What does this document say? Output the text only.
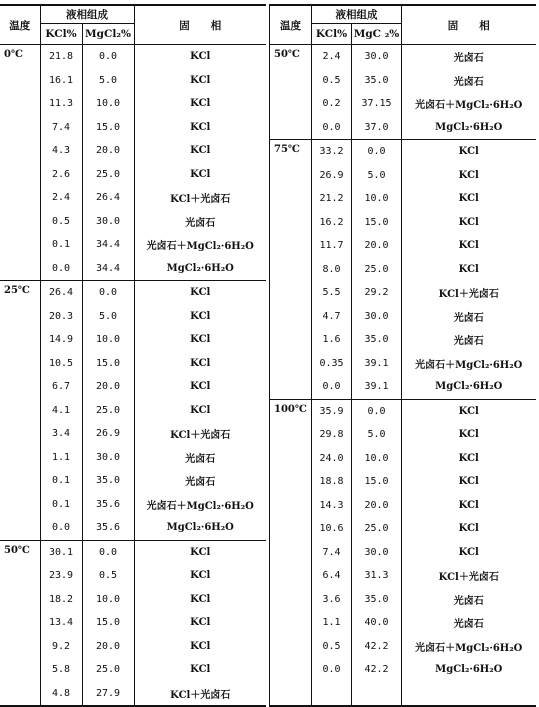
温度	液相组成		固　　相
	KCl%	MgCl₂%	
0℃	21.8	0.0	KCl
	16.1	5.0	KCl
	11.3	10.0	KCl
	7.4	15.0	KCl
	4.3	20.0	KCl
	2.6	25.0	KCl
	2.4	26.4	KCl＋光卤石
	0.5	30.0	光卤石
	0.1	34.4	光卤石＋MgCl₂·6H₂O
	0.0	34.4	MgCl₂·6H₂O
25℃	26.4	0.0	KCl
	20.3	5.0	KCl
	14.9	10.0	KCl
	10.5	15.0	KCl
	6.7	20.0	KCl
	4.1	25.0	KCl
	3.4	26.9	KCl＋光卤石
	1.1	30.0	光卤石
	0.1	35.0	光卤石
	0.1	35.6	光卤石＋MgCl₂·6H₂O
	0.0	35.6	MgCl₂·6H₂O
50℃	30.1	0.0	KCl
	23.9	0.5	KCl
	18.2	10.0	KCl
	13.4	15.0	KCl
	9.2	20.0	KCl
	5.8	25.0	KCl
	4.8	27.9	KCl＋光卤石
温度	液相组成		固　　相
	KCl%	MgC ₂%	
50℃	2.4	30.0	光卤石
	0.5	35.0	光卤石
	0.2	37.15	光卤石＋MgCl₂·6H₂O
	0.0	37.0	MgCl₂·6H₂O
75℃	33.2	0.0	KCl
	26.9	5.0	KCl
	21.2	10.0	KCl
	16.2	15.0	KCl
	11.7	20.0	KCl
	8.0	25.0	KCl
	5.5	29.2	KCl＋光卤石
	4.7	30.0	光卤石
	1.6	35.0	光卤石
	0.35	39.1	光卤石＋MgCl₂·6H₂O
	0.0	39.1	MgCl₂·6H₂O
100℃	35.9	0.0	KCl
	29.8	5.0	KCl
	24.0	10.0	KCl
	18.8	15.0	KCl
	14.3	20.0	KCl
	10.6	25.0	KCl
	7.4	30.0	KCl
	6.4	31.3	KCl＋光卤石
	3.6	35.0	光卤石
	1.1	40.0	光卤石
	0.5	42.2	光卤石＋MgCl₂·6H₂O
	0.0	42.2	MgCl₂·6H₂O
